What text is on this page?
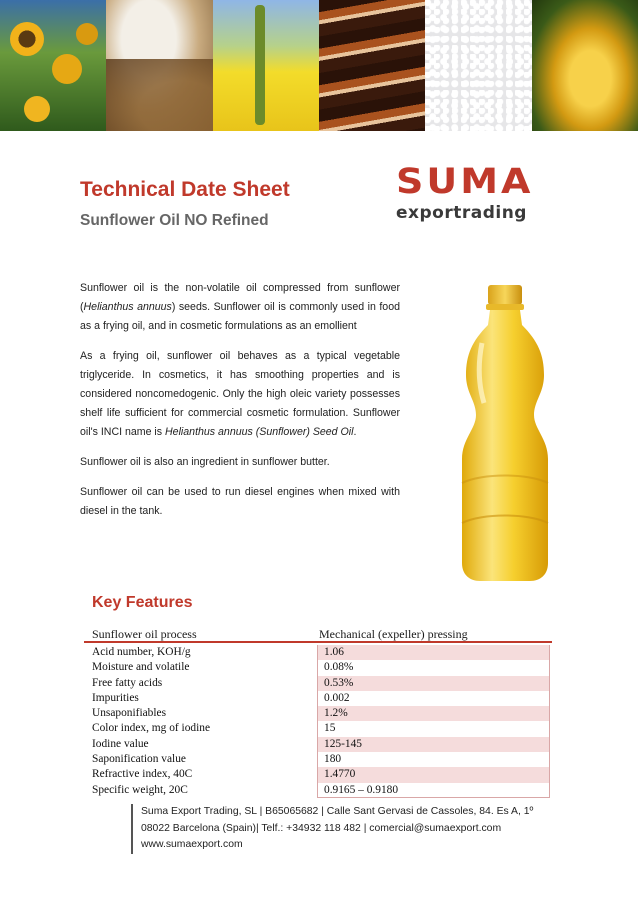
SUMA
exportrading
Technical Date Sheet
Sunflower Oil NO Refined

Sunflower oil is the non-volatile oil compressed from sunflower (Helianthus annuus) seeds. Sunflower oil is commonly used in food as a frying oil, and in cosmetic formulations as an emollient

As a frying oil, sunflower oil behaves as a typical vegetable triglyceride. In cosmetics, it has smoothing properties and is considered noncomedogenic. Only the high oleic variety possesses shelf life sufficient for commercial cosmetic formulation. Sunflower oil's INCI name is Helianthus annuus (Sunflower) Seed Oil.

Sunflower oil is also an ingredient in sunflower butter.

Sunflower oil can be used to run diesel engines when mixed with diesel in the tank.

Key Features
Sunflower oil process	Mechanical (expeller) pressing
Acid number, KOH/g	1.06
Moisture and volatile	0.08%
Free fatty acids	0.53%
Impurities	0.002
Unsaponifiables	1.2%
Color index, mg of iodine	15
Iodine value	125-145
Saponification value	180
Refractive index, 40C	1.4770
Specific weight, 20C	0.9165 – 0.9180
Suma Export Trading, SL | B65065682 | Calle Sant Gervasi de Cassoles, 84. Es A, 1º
08022 Barcelona (Spain)| Telf.: +34932 118 482 | comercial@sumaexport.com
www.sumaexport.com
